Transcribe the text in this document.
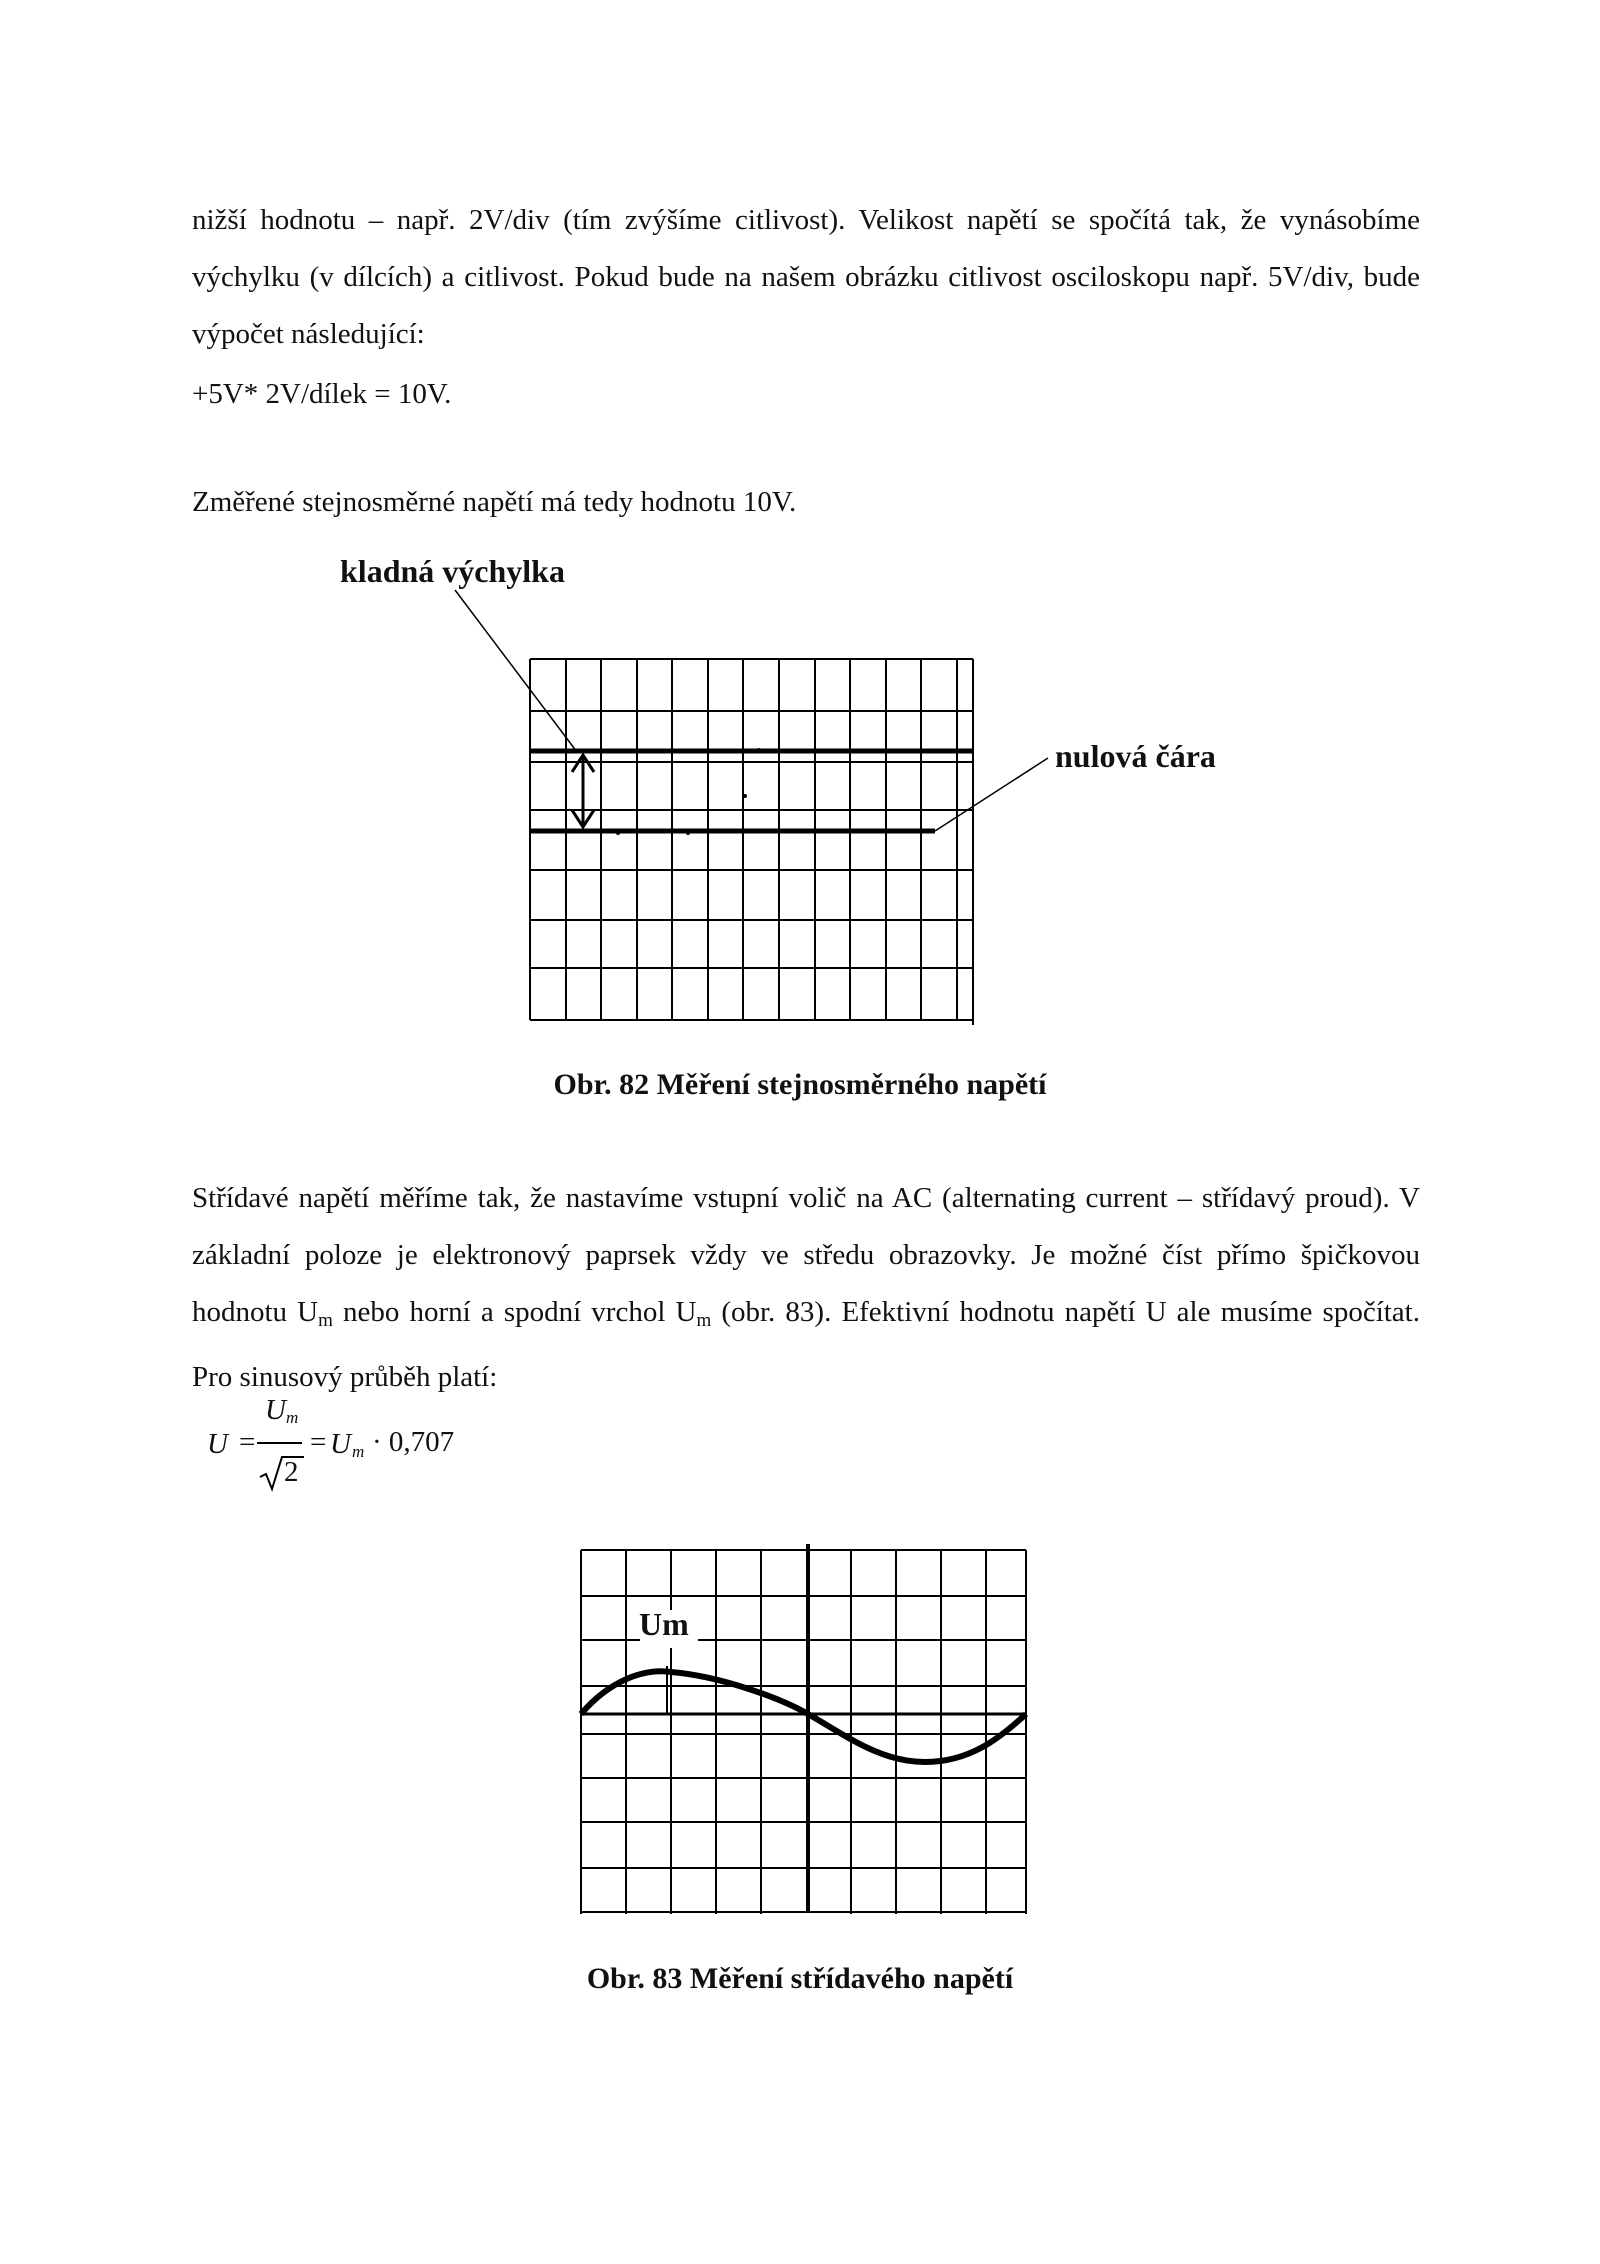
nižší hodnotu – např. 2V/div (tím zvýšíme citlivost). Velikost napětí se spočítá tak, že vynásobíme výchylku (v dílcích) a citlivost. Pokud bude na našem obrázku citlivost osciloskopu např. 5V/div, bude výpočet následující:
+5V* 2V/dílek = 10V.
Změřené stejnosměrné napětí má tedy hodnotu 10V.
kladná výchylka
nulová čára
Obr. 82 Měření stejnosměrného napětí
Střídavé napětí měříme tak, že nastavíme vstupní volič na AC (alternating current – střídavý proud). V základní poloze je elektronový paprsek vždy ve středu obrazovky. Je možné číst přímo špičkovou hodnotu $U_m$ nebo horní a spodní vrchol $U_m$ (obr. 83). Efektivní hodnotu napětí U ale musíme spočítat. Pro sinusový průběh platí:
U =
U m
2
= U m · 0,707
Um
Obr. 83 Měření střídavého napětí
